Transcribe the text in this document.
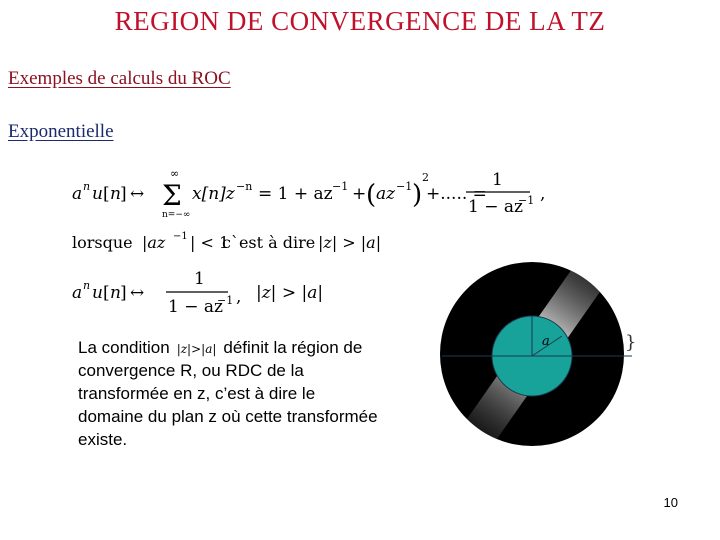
REGION DE CONVERGENCE DE LA TZ
Exemples de calculs du ROC
Exponentielle
a n u [ n ] ↔
∞
Σ
n=−∞
x[n]z −n = 1 + az −1 + ( az −1 )
2
+..... =
1
1 − az
−1 ,
lorsque |az −1 | < 1
c`est à dire |z| > |a|
a n u [ n ] ↔
1
1 − az
−1 , |z| > |a|
La condition |z|>|a| définit la région de convergence R, ou RDC de la transformée en z, c’est à dire le domaine du plan z où cette transformée existe.
a	}
10
